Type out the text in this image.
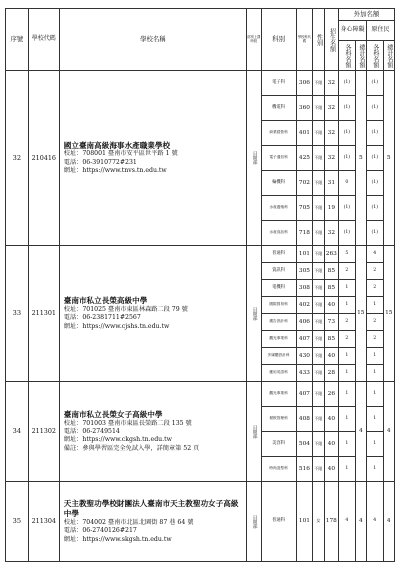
序號	學校代碼	學校名稱	部別上課時段	科別	學校科代碼	性別	招生名額	外加名額			
								身心障礙		原住民	

								各科名額	總計名額	各科名額	總計名額

32	210416	國立臺南高級海事水產職業學校
校址：708001 臺南市安平區世平路 1 號
電話：06-3910772#231
網址：https://www.tnvs.tn.edu.tw	日間部	電子科	306	不限	32	(1)	5	(1)	5
				機電科	360	不限	32	(1)		(1)	
				商業經營科	401	不限	32	(1)		(1)	
				電子通信科	425	不限	32	(1)		(1)	
				輪機科	702	不限	31	0		(1)	
				水產養殖科	705	不限	19	(1)		(1)	
				水產食品科	718	不限	32	(1)		(1)	
33	211301	臺南市私立長榮高級中學
校址：701025 臺南市東區林森路二段 79 號
電話：06-2381711#2567
網址：https://www.cjshs.tn.edu.tw	日間部	普通科	101	不限	263	5	15	4	15
				資訊科	305	不限	85	2		2	
				電機科	308	不限	85	1		2	
				國際貿易科	402	不限	40	1		1	
				廣告設計科	406	不限	73	2		2	
				觀光事業科	407	不限	85	2		2	
				多媒體設計科	430	不限	40	1		1	
				應用英語科	433	不限	28	1		1	
34	211302	臺南市私立長榮女子高級中學
校址：701003 臺南市東區長榮路二段 135 號
電話：06-2749514
網址：https://www.ckgsh.tn.edu.tw
備註：參與學習區完全免試入學，詳簡章第 52 頁	日間部	觀光事業科	407	不限	26	1	4	1	4
				餐飲管理科	408	不限	40	1		1	
				美容科	504	不限	40	1		1	
				時尚造型科	516	不限	40	1		1	
35	211304	天主教聖功學校財團法人臺南市天主教聖功女子高級中學
校址：704002 臺南市北區北園街 87 巷 64 號
電話：06-2740126#217
網址：https://www.skgsh.tn.edu.tw	日間部	普通科	101	女	178	4	4	4	4
